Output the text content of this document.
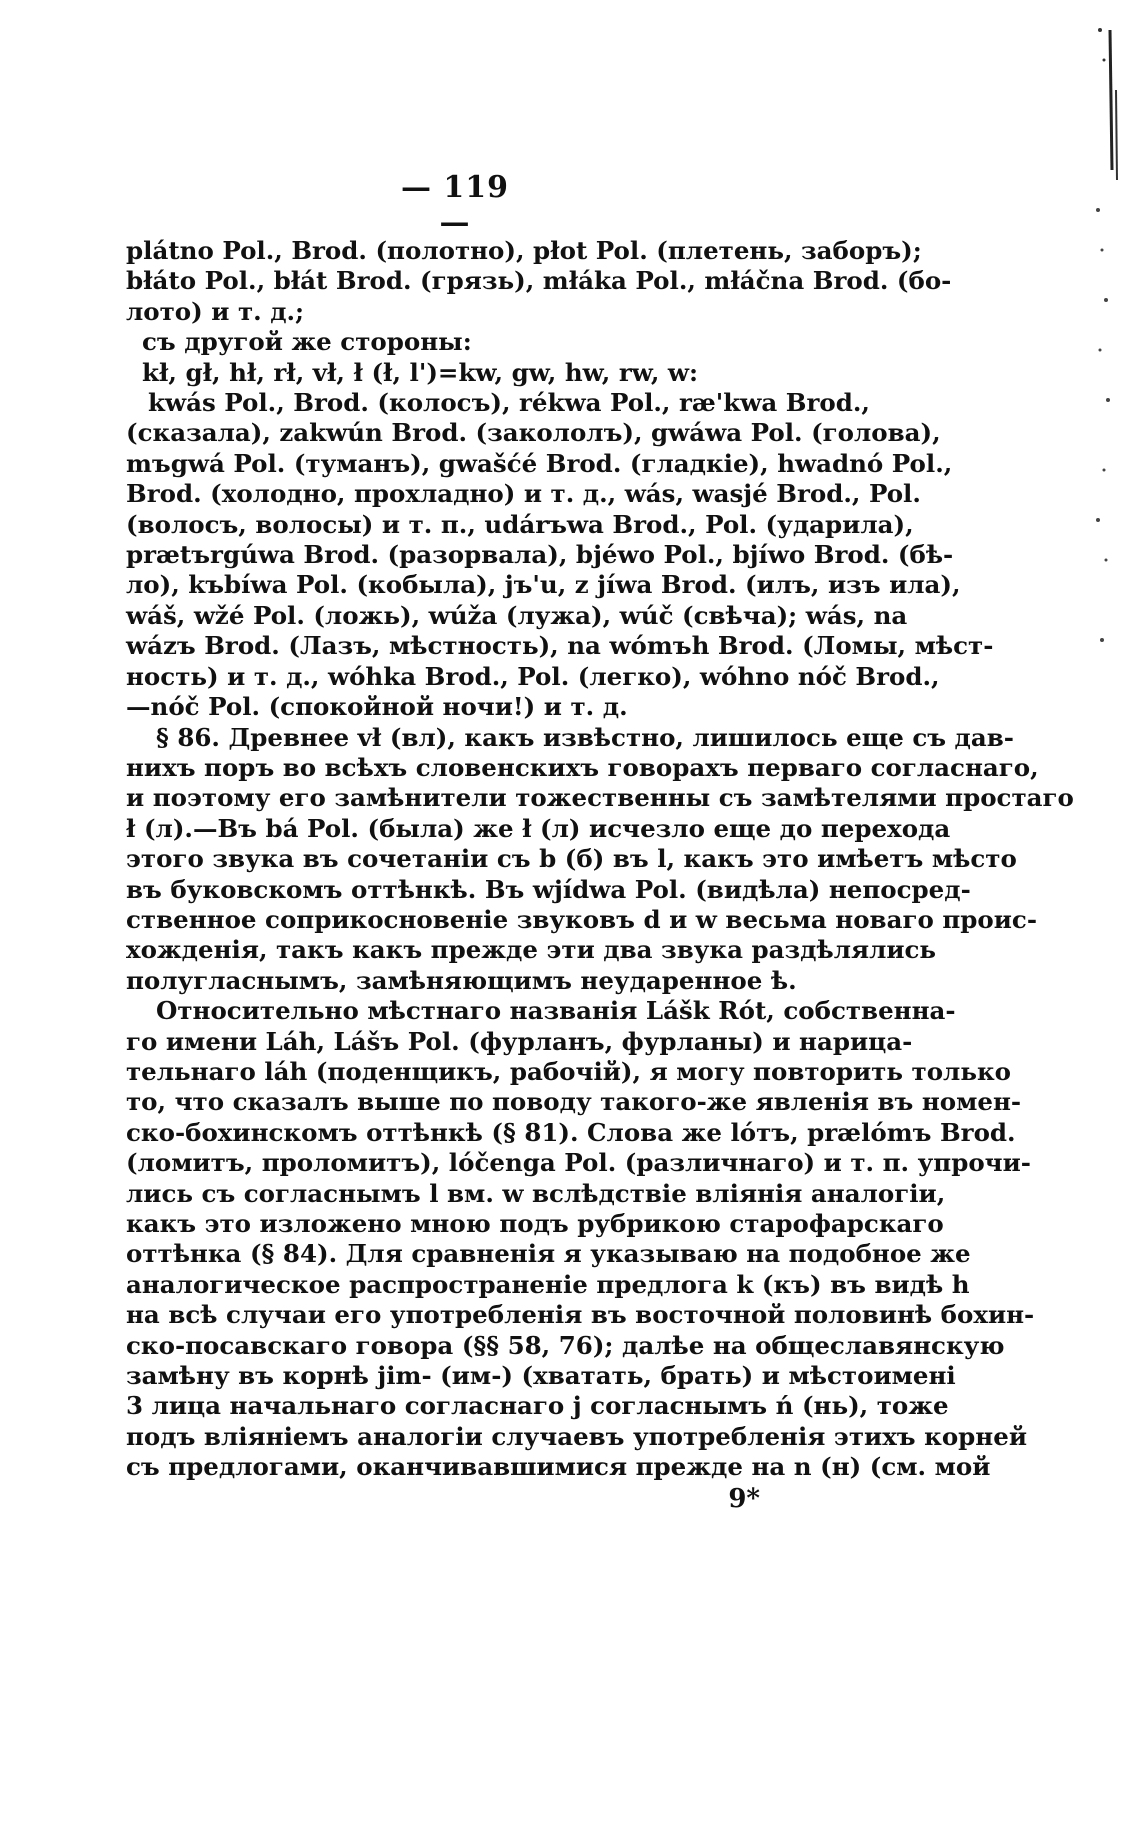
— 119 —
plátno Pol., Brod. (полотно), płot Pol. (плетень, заборъ);
błáto Pol., błát Brod. (грязь), młáka Pol., młáčna Brod. (бо-
лото) и т. д.;
съ другой же стороны:
kł, gł, hł, rł, vł, ł (ł, l')=kw, gw, hw, rw, w:
kwás Pol., Brod. (колосъ), rékwa Pol., ræ'kwa Brod.,
(сказала), zakwún Brod. (закололъ), gwáwa Pol. (голова),
mъgwá Pol. (туманъ), gwašćé Brod. (гладкіе), hwadnó Pol.,
Brod. (холодно, прохладно) и т. д., wás, wasjé Brod., Pol.
(волосъ, волосы) и т. п., udárъwa Brod., Pol. (ударила),
prætъrgúwa Brod. (разорвала), bjéwo Pol., bjíwo Brod. (бѣ-
ло), kъbíwa Pol. (кобыла), jъ'u, z jíwa Brod. (илъ, изъ ила),
wáš, wžé Pol. (ложь), wúža (лужа), wúč (свѣча); wás, na
wázъ Brod. (Лазъ, мѣстность), na wómъh Brod. (Ломы, мѣст-
ность) и т. д., wóhka Brod., Pol. (легко), wóhno nóč Brod.,
—nóč Pol. (спокойной ночи!) и т. д.
§ 86. Древнее vł (вл), какъ извѣстно, лишилось еще съ дав-
нихъ поръ во всѣхъ словенскихъ говорахъ перваго согласнаго,
и поэтому его замѣнители тожественны съ замѣтелями простаго
ł (л).—Въ bá Pol. (была) же ł (л) исчезло еще до перехода
этого звука въ сочетаніи съ b (б) въ l, какъ это имѣетъ мѣсто
въ буковскомъ оттѣнкѣ. Въ wjídwa Pol. (видѣла) непосред-
ственное соприкосновеніе звуковъ d и w весьма новаго проис-
хожденія, такъ какъ прежде эти два звука раздѣлялись
полугласнымъ, замѣняющимъ неударенное ѣ.
Относительно мѣстнаго названія Lášk Rót, собственна-
го имени Láh, Lášъ Pol. (фурланъ, фурланы) и нарица-
тельнаго láh (поденщикъ, рабочій), я могу повторить только
то, что сказалъ выше по поводу такого-же явленія въ номен-
ско-бохинскомъ оттѣнкѣ (§ 81). Слова же lóтъ, prælómъ Brod.
(ломитъ, проломитъ), lóčenga Pol. (различнаго) и т. п. упрочи-
лись съ согласнымъ l вм. w вслѣдствіе вліянія аналогіи,
какъ это изложено мною подъ рубрикою старофарскаго
оттѣнка (§ 84). Для сравненія я указываю на подобное же
аналогическое распространеніе предлога k (къ) въ видѣ h
на всѣ случаи его употребленія въ восточной половинѣ бохин-
ско-посавскаго говора (§§ 58, 76); далѣе на общеславянскую
замѣну въ корнѣ jim- (им-) (хватать, брать) и мѣстоимені
3 лица начальнаго согласнаго j согласнымъ ń (нь), тоже
подъ вліяніемъ аналогіи случаевъ употребленія этихъ корней
съ предлогами, оканчивавшимися прежде на n (н) (см. мой
9*
